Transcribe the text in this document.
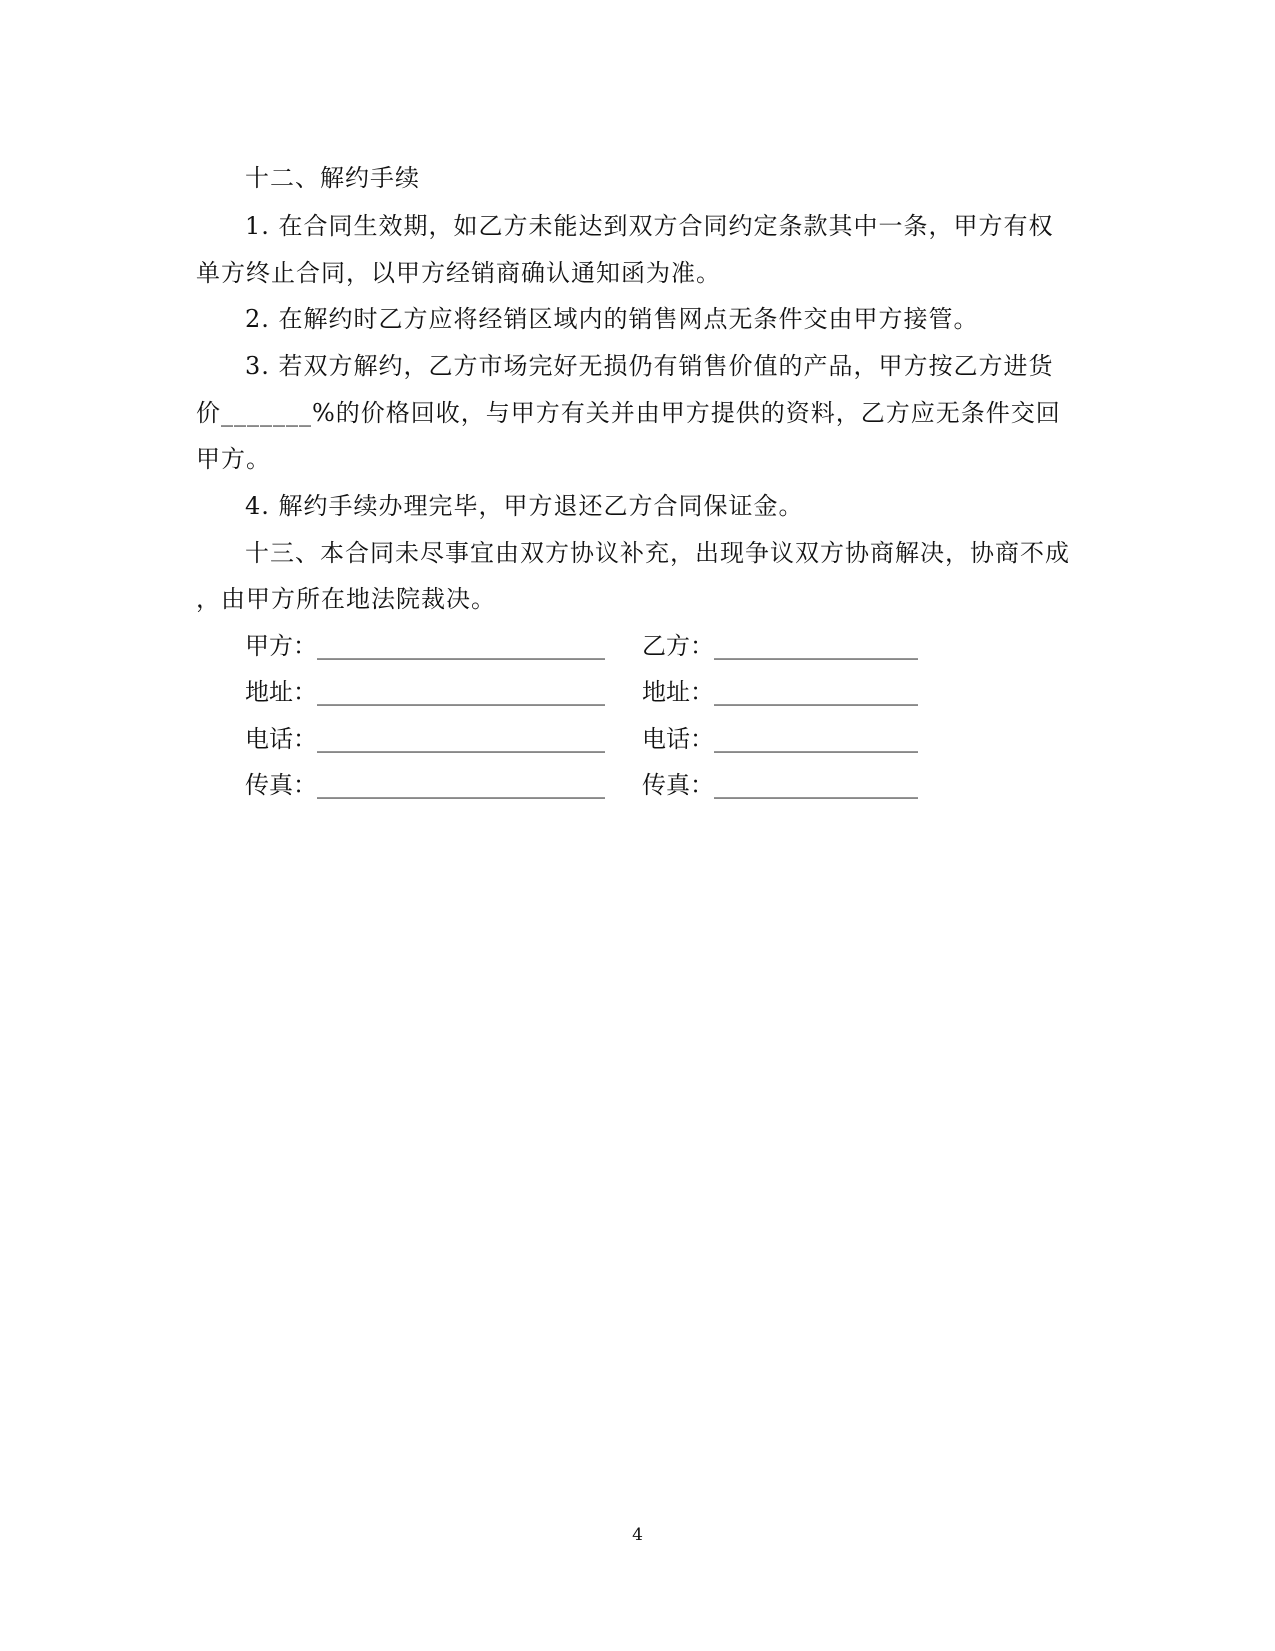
十二、解约手续
1. 在合同生效期，如乙方未能达到双方合同约定条款其中一条，甲方有权
单方终止合同，以甲方经销商确认通知函为准。
2. 在解约时乙方应将经销区域内的销售网点无条件交由甲方接管。
3. 若双方解约，乙方市场完好无损仍有销售价值的产品，甲方按乙方进货
价_______%的价格回收，与甲方有关并由甲方提供的资料，乙方应无条件交回
甲方。
4. 解约手续办理完毕，甲方退还乙方合同保证金。
十三、本合同未尽事宜由双方协议补充，出现争议双方协商解决，协商不成
，由甲方所在地法院裁决。
甲方：________________________ 乙方：_________________
地址：________________________ 地址：_________________
电话：________________________ 电话：_________________
传真：________________________ 传真：_________________
4
